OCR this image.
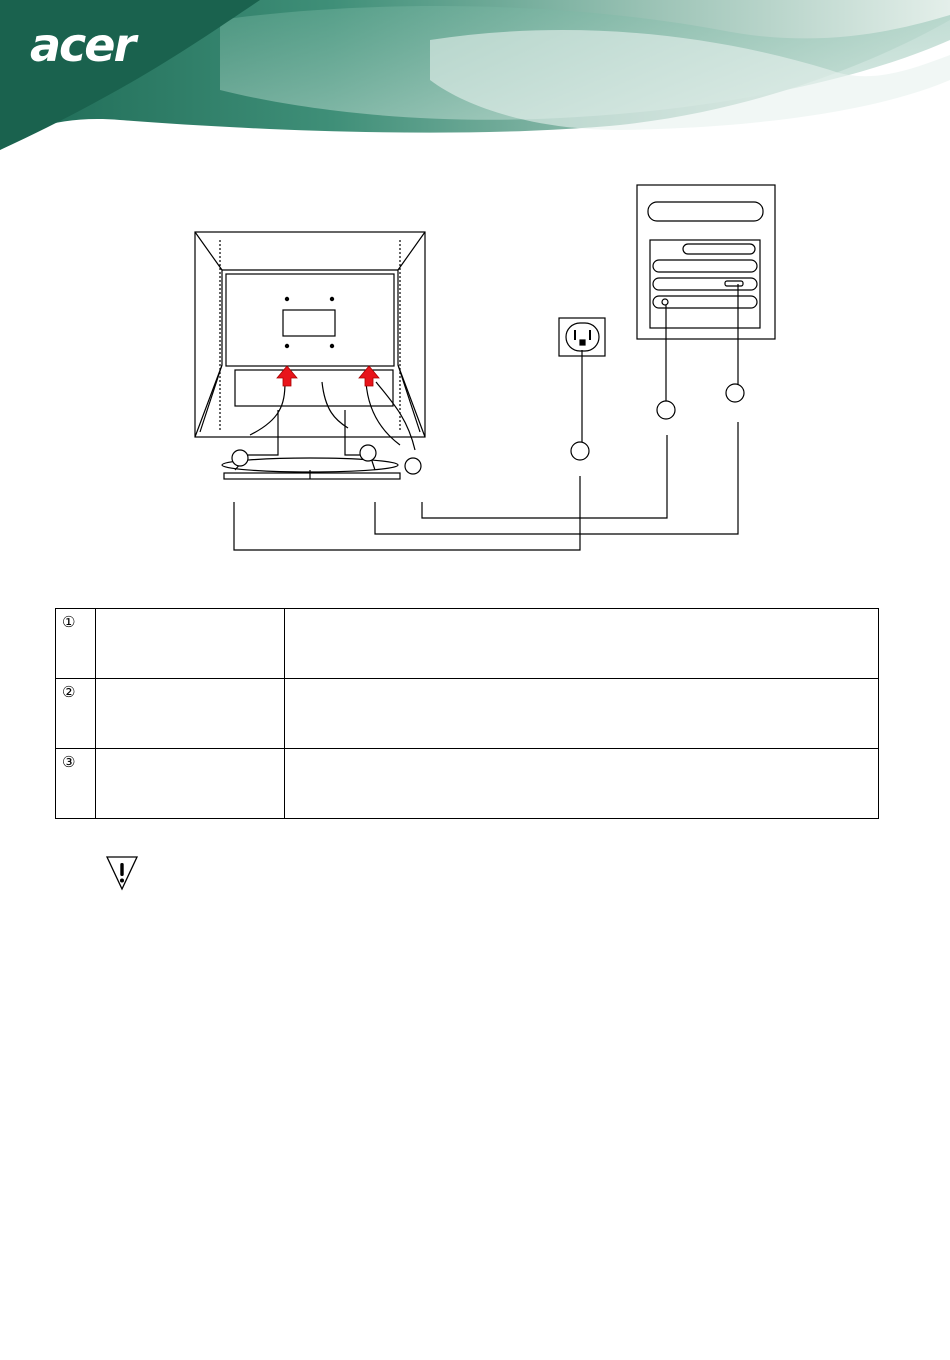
acer
①		
②		
③		
